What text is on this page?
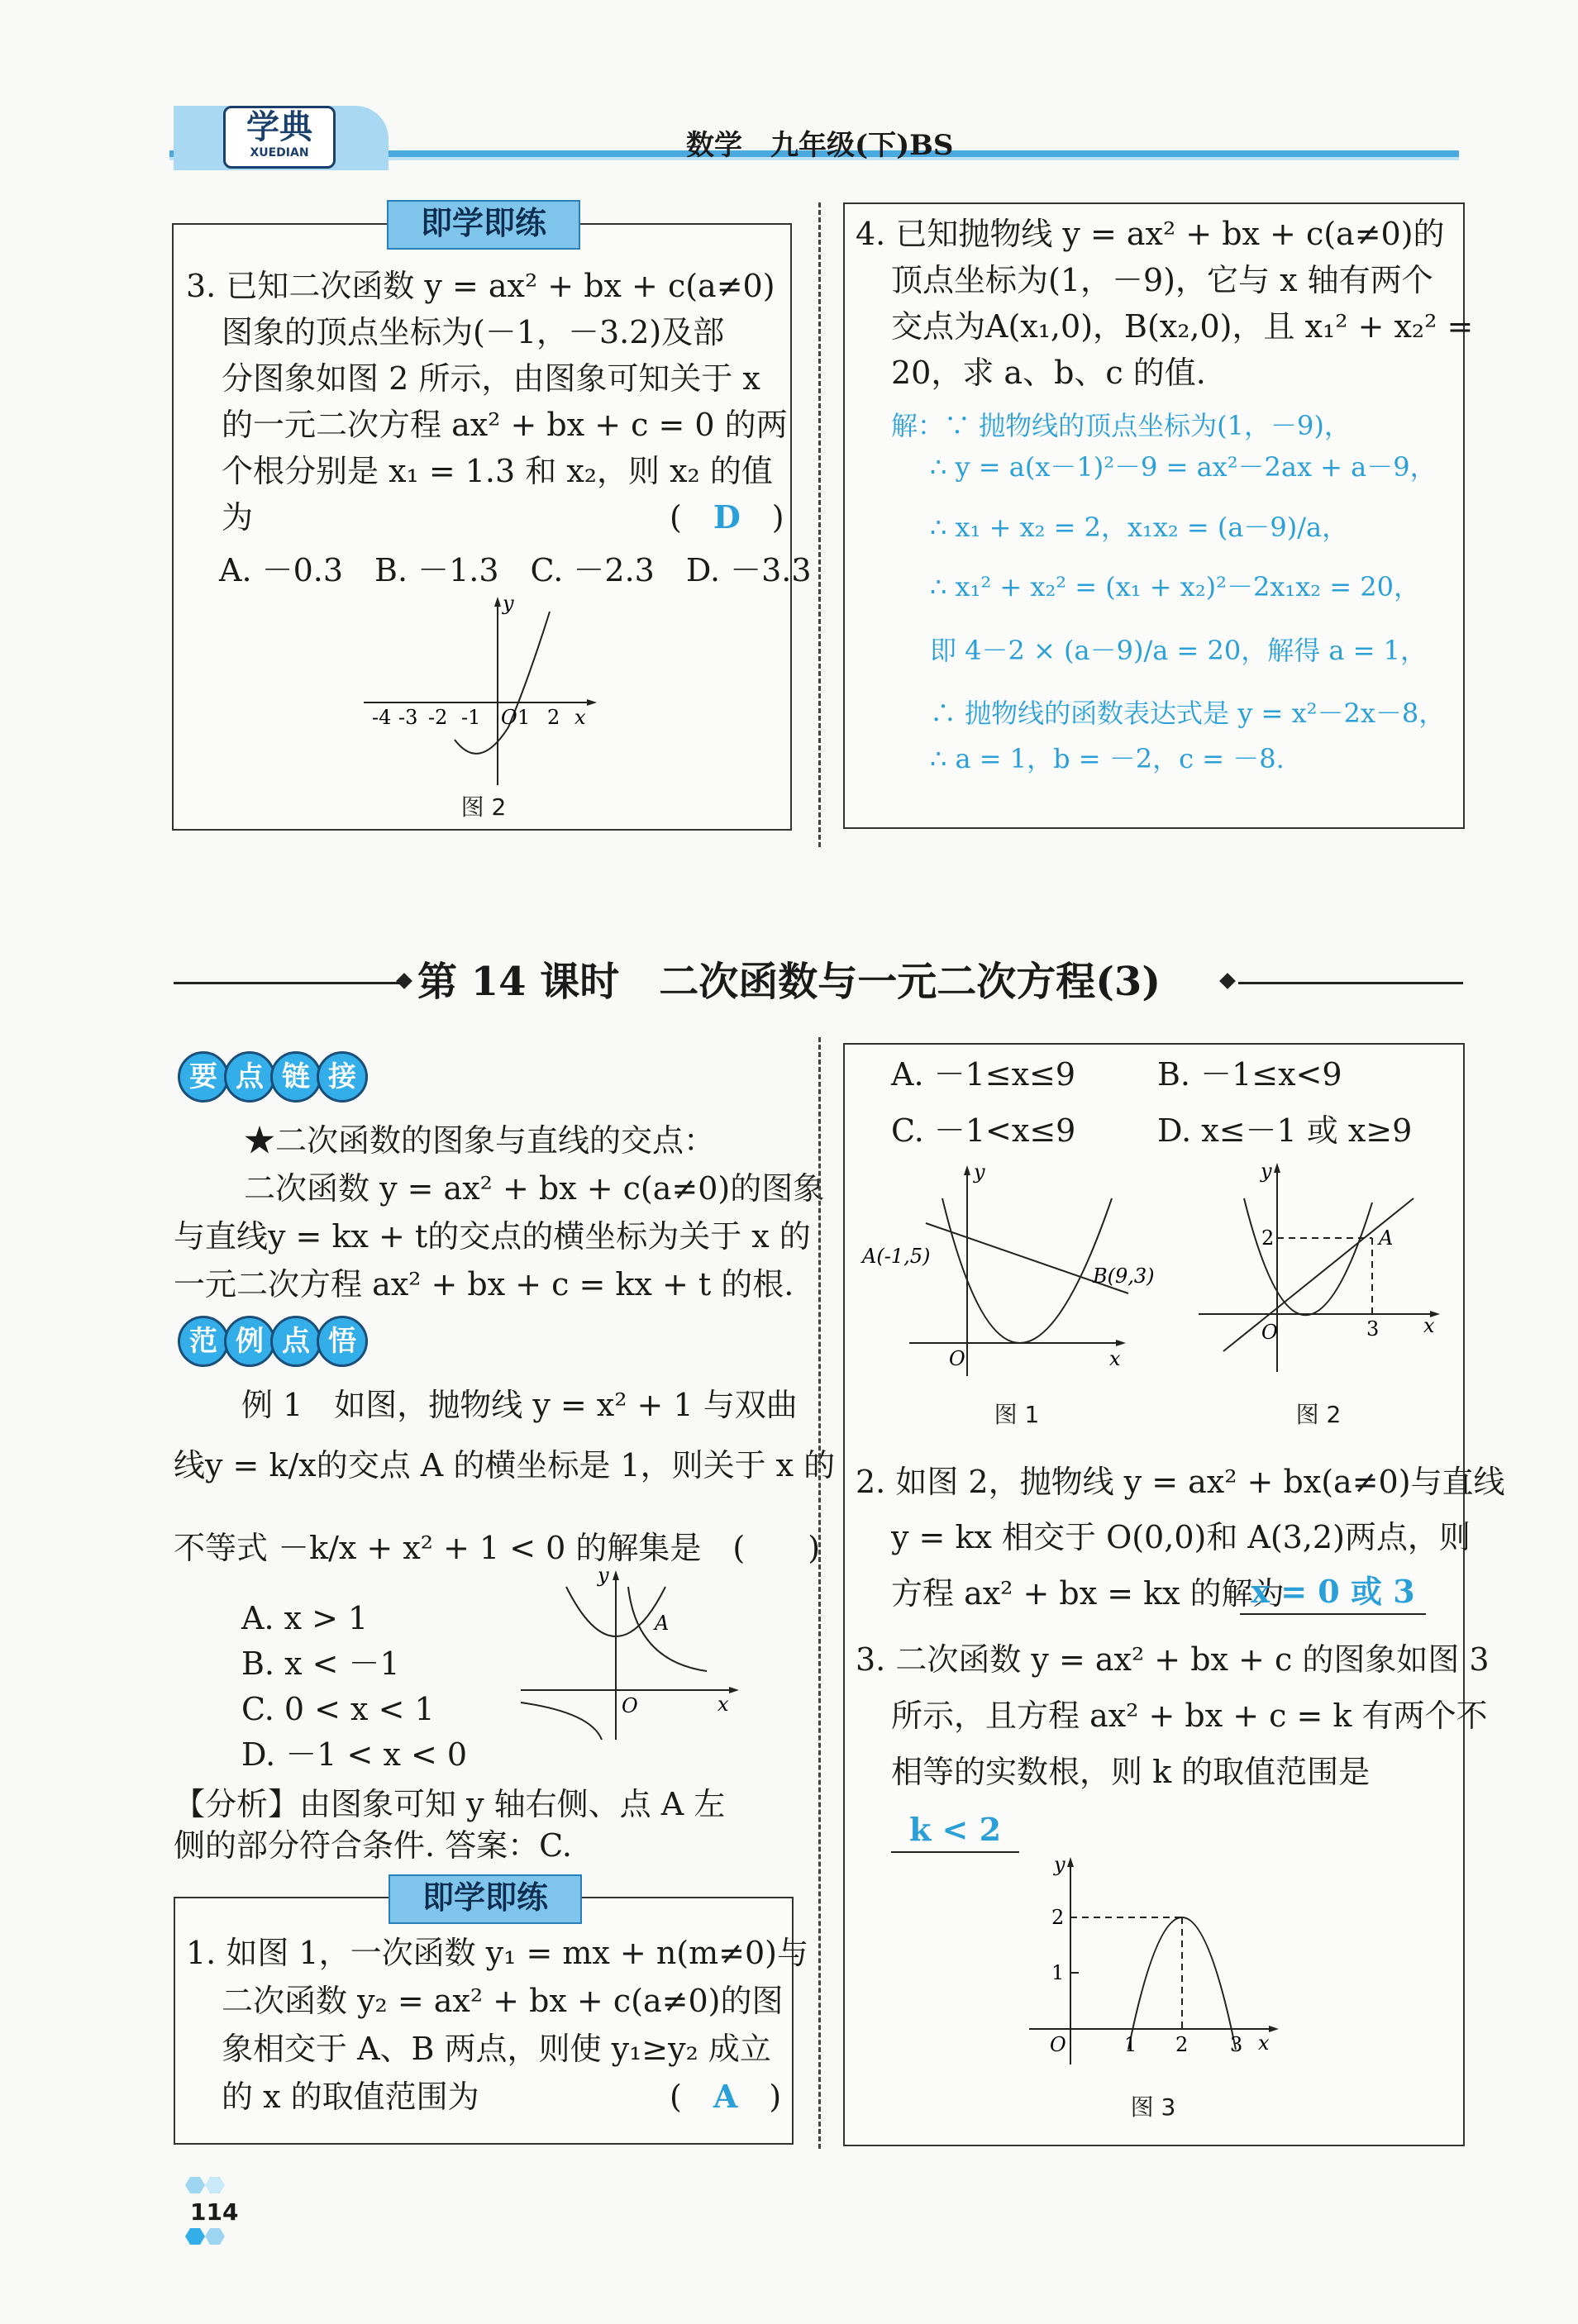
学典
XUEDIAN	数学　九年级(下)BS
即学即练
3. 已知二次函数 y = ax² + bx + c(a≠0)
图象的顶点坐标为(－1，－3.2)及部
分图象如图 2 所示，由图象可知关于 x
的一元二次方程 ax² + bx + c = 0 的两
个根分别是 x₁ = 1.3 和 x₂，则 x₂ 的值
为	(　D　)
A. －0.3　B. －1.3　C. －2.3　D. －3.3
y
x
-4 -3 -2 -1 O 1 2
图 2
4. 已知抛物线 y = ax² + bx + c(a≠0)的
顶点坐标为(1，－9)，它与 x 轴有两个
交点为A(x₁,0)，B(x₂,0)，且 x₁² + x₂² =
20，求 a、b、c 的值.
解：∵ 抛物线的顶点坐标为(1，－9)，
∴ y = a(x－1)²－9 = ax²－2ax + a－9，
∴ x₁ + x₂ = 2，x₁x₂ = (a－9)/a，
∴ x₁² + x₂² = (x₁ + x₂)²－2x₁x₂ = 20，
即 4－2 × (a－9)/a = 20，解得 a = 1，
∴ 抛物线的函数表达式是 y = x²－2x－8，
∴ a = 1，b = －2，c = －8.
第 14 课时　二次函数与一元二次方程(3)
要 点 链 接
★二次函数的图象与直线的交点：
二次函数 y = ax² + bx + c(a≠0)的图象
与直线y = kx + t的交点的横坐标为关于 x 的
一元二次方程 ax² + bx + c = kx + t 的根.
范 例 点 悟
例 1　如图，抛物线 y = x² + 1 与双曲
线y = k/x的交点 A 的横坐标是 1，则关于 x 的
不等式 －k/x + x² + 1 < 0 的解集是　(　　)
A. x > 1
B. x < －1
C. 0 < x < 1
D. －1 < x < 0
y
A
O	x
【分析】由图象可知 y 轴右侧、点 A 左
侧的部分符合条件. 答案：C.
即学即练
1. 如图 1，一次函数 y₁ = mx + n(m≠0)与
二次函数 y₂ = ax² + bx + c(a≠0)的图
象相交于 A、B 两点，则使 y₁≥y₂ 成立
的 x 的取值范围为	(　A　)
A. －1≤x≤9	B. －1≤x<9
C. －1<x≤9	D. x≤－1 或 x≥9
y
A(-1,5)
B(9,3)
O	x
图 1
y
2	A
3
O	x
图 2
2. 如图 2，抛物线 y = ax² + bx(a≠0)与直线
y = kx 相交于 O(0,0)和 A(3,2)两点，则
方程 ax² + bx = kx 的解为
x = 0 或 3
3. 二次函数 y = ax² + bx + c 的图象如图 3
所示，且方程 ax² + bx + c = k 有两个不
相等的实数根，则 k 的取值范围是
k < 2
y
2
1
O	1 2 3 x
图 3
114
